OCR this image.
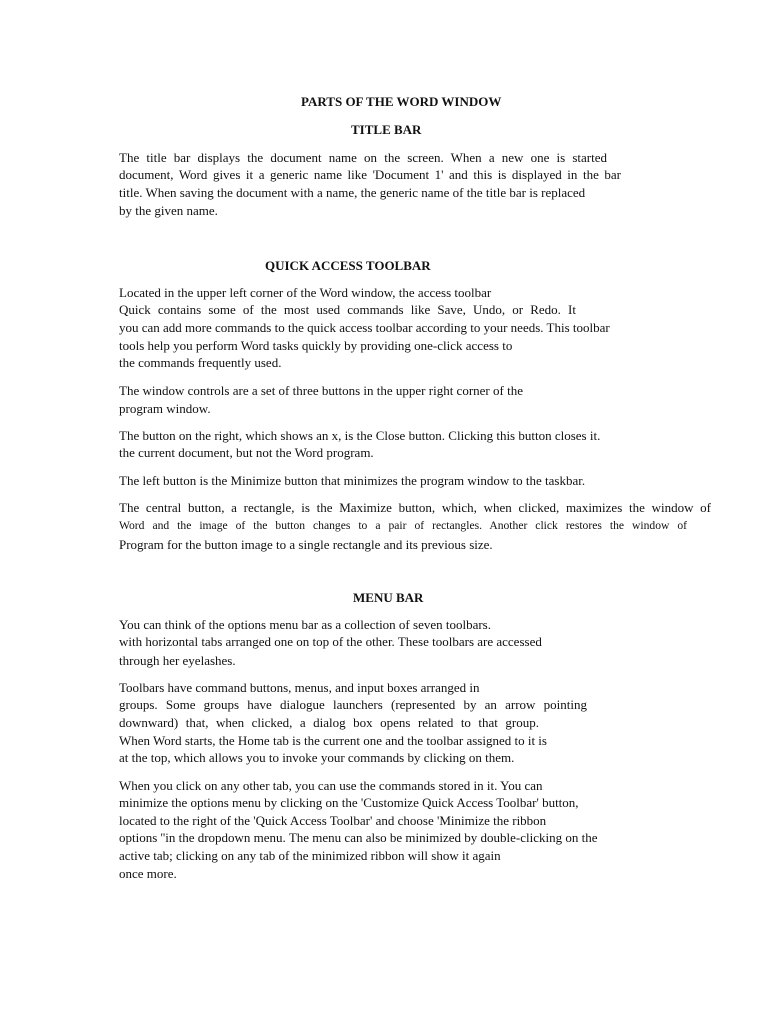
PARTS OF THE WORD WINDOW
TITLE BAR

The title bar displays the document name on the screen. When a new one is started

document, Word gives it a generic name like 'Document 1' and this is displayed in the bar

title. When saving the document with a name, the generic name of the title bar is replaced

by the given name.

QUICK ACCESS TOOLBAR

Located in the upper left corner of the Word window, the access toolbar

Quick contains some of the most used commands like Save, Undo, or Redo. It

you can add more commands to the quick access toolbar according to your needs. This toolbar

tools help you perform Word tasks quickly by providing one-click access to

the commands frequently used.

The window controls are a set of three buttons in the upper right corner of the

program window.

The button on the right, which shows an x, is the Close button. Clicking this button closes it.

the current document, but not the Word program.

The left button is the Minimize button that minimizes the program window to the taskbar.

The central button, a rectangle, is the Maximize button, which, when clicked, maximizes the window of

Word and the image of the button changes to a pair of rectangles. Another click restores the window of

Program for the button image to a single rectangle and its previous size.

MENU BAR

You can think of the options menu bar as a collection of seven toolbars.

with horizontal tabs arranged one on top of the other. These toolbars are accessed

through her eyelashes.

Toolbars have command buttons, menus, and input boxes arranged in

groups. Some groups have dialogue launchers (represented by an arrow pointing

downward) that, when clicked, a dialog box opens related to that group.

When Word starts, the Home tab is the current one and the toolbar assigned to it is

at the top, which allows you to invoke your commands by clicking on them.

When you click on any other tab, you can use the commands stored in it. You can

minimize the options menu by clicking on the 'Customize Quick Access Toolbar' button,

located to the right of the 'Quick Access Toolbar' and choose 'Minimize the ribbon

options ''in the dropdown menu. The menu can also be minimized by double-clicking on the

active tab; clicking on any tab of the minimized ribbon will show it again

once more.
